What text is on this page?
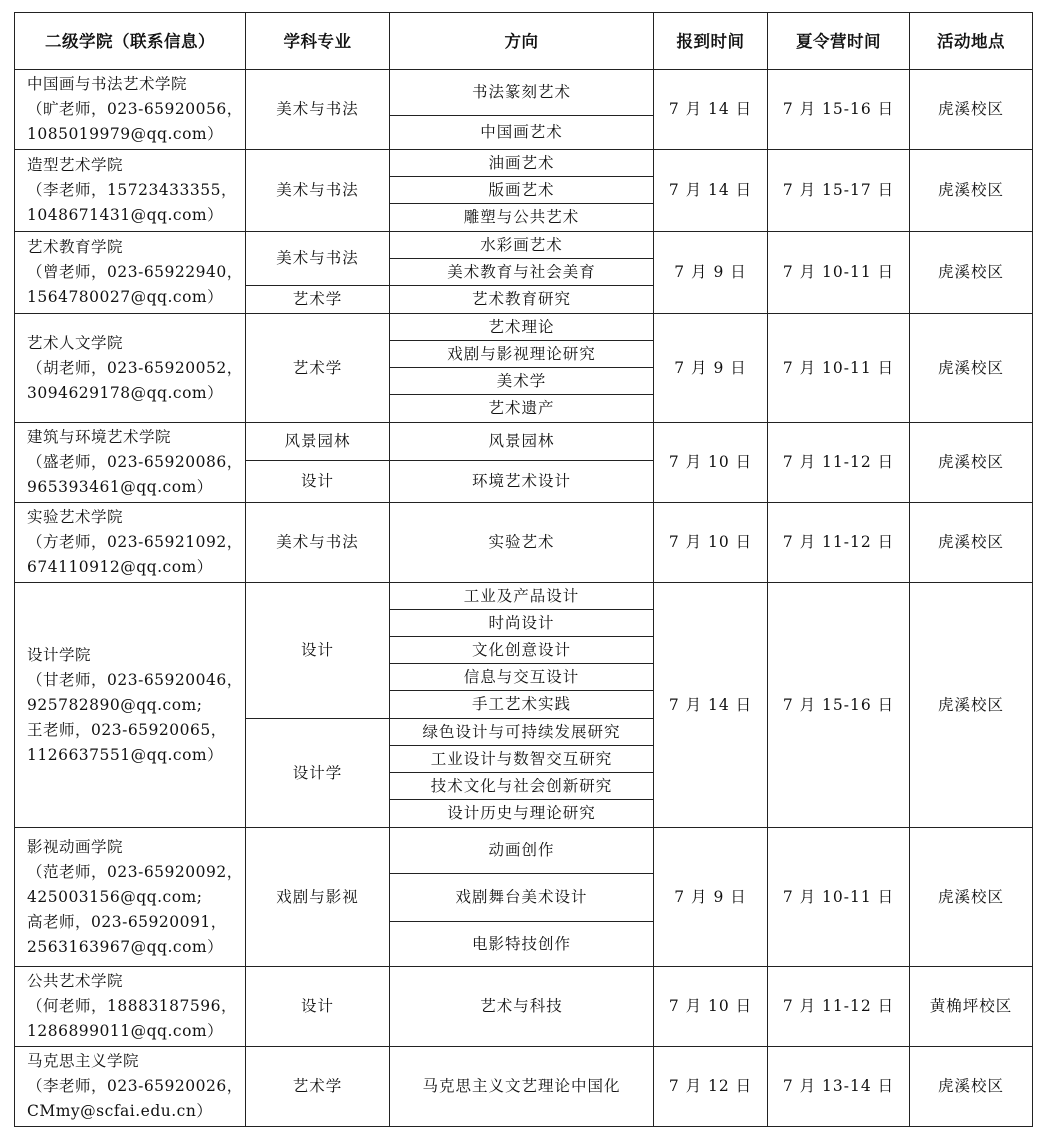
二级学院（联系信息）	学科专业	方向	报到时间	夏令营时间	活动地点

中国画与书法艺术学院
（旷老师，023-65920056，
1085019979@qq.com）	美术与书法	书法篆刻艺术	7 月 14 日	7 月 15-16 日	虎溪校区
		中国画艺术			

造型艺术学院
（李老师，15723433355，
1048671431@qq.com）	美术与书法	油画艺术	7 月 14 日	7 月 15-17 日	虎溪校区
		版画艺术			
		雕塑与公共艺术			

艺术教育学院
（曾老师，023-65922940，
1564780027@qq.com）	美术与书法	水彩画艺术	7 月 9 日	7 月 10-11 日	虎溪校区
		美术教育与社会美育			
	艺术学	艺术教育研究			

艺术人文学院
（胡老师，023-65920052，
3094629178@qq.com）	艺术学	艺术理论	7 月 9 日	7 月 10-11 日	虎溪校区
		戏剧与影视理论研究			
		美术学			
		艺术遗产			

建筑与环境艺术学院
（盛老师，023-65920086，
965393461@qq.com）	风景园林	风景园林	7 月 10 日	7 月 11-12 日	虎溪校区
	设计	环境艺术设计			

实验艺术学院
（方老师，023-65921092，
674110912@qq.com）	美术与书法	实验艺术	7 月 10 日	7 月 11-12 日	虎溪校区

设计学院
（甘老师，023-65920046，
925782890@qq.com;
王老师，023-65920065，
1126637551@qq.com）	设计	工业及产品设计	7 月 14 日	7 月 15-16 日	虎溪校区
		时尚设计			
		文化创意设计			
		信息与交互设计			
		手工艺术实践			
	设计学	绿色设计与可持续发展研究			
		工业设计与数智交互研究			
		技术文化与社会创新研究			
		设计历史与理论研究			

影视动画学院
（范老师，023-65920092，
425003156@qq.com;
高老师，023-65920091，
2563163967@qq.com）	戏剧与影视	动画创作	7 月 9 日	7 月 10-11 日	虎溪校区
		戏剧舞台美术设计			
		电影特技创作			

公共艺术学院
（何老师，18883187596，
1286899011@qq.com）	设计	艺术与科技	7 月 10 日	7 月 11-12 日	黄桷坪校区

马克思主义学院
（李老师，023-65920026，
CMmy@scfai.edu.cn）	艺术学	马克思主义文艺理论中国化	7 月 12 日	7 月 13-14 日	虎溪校区
